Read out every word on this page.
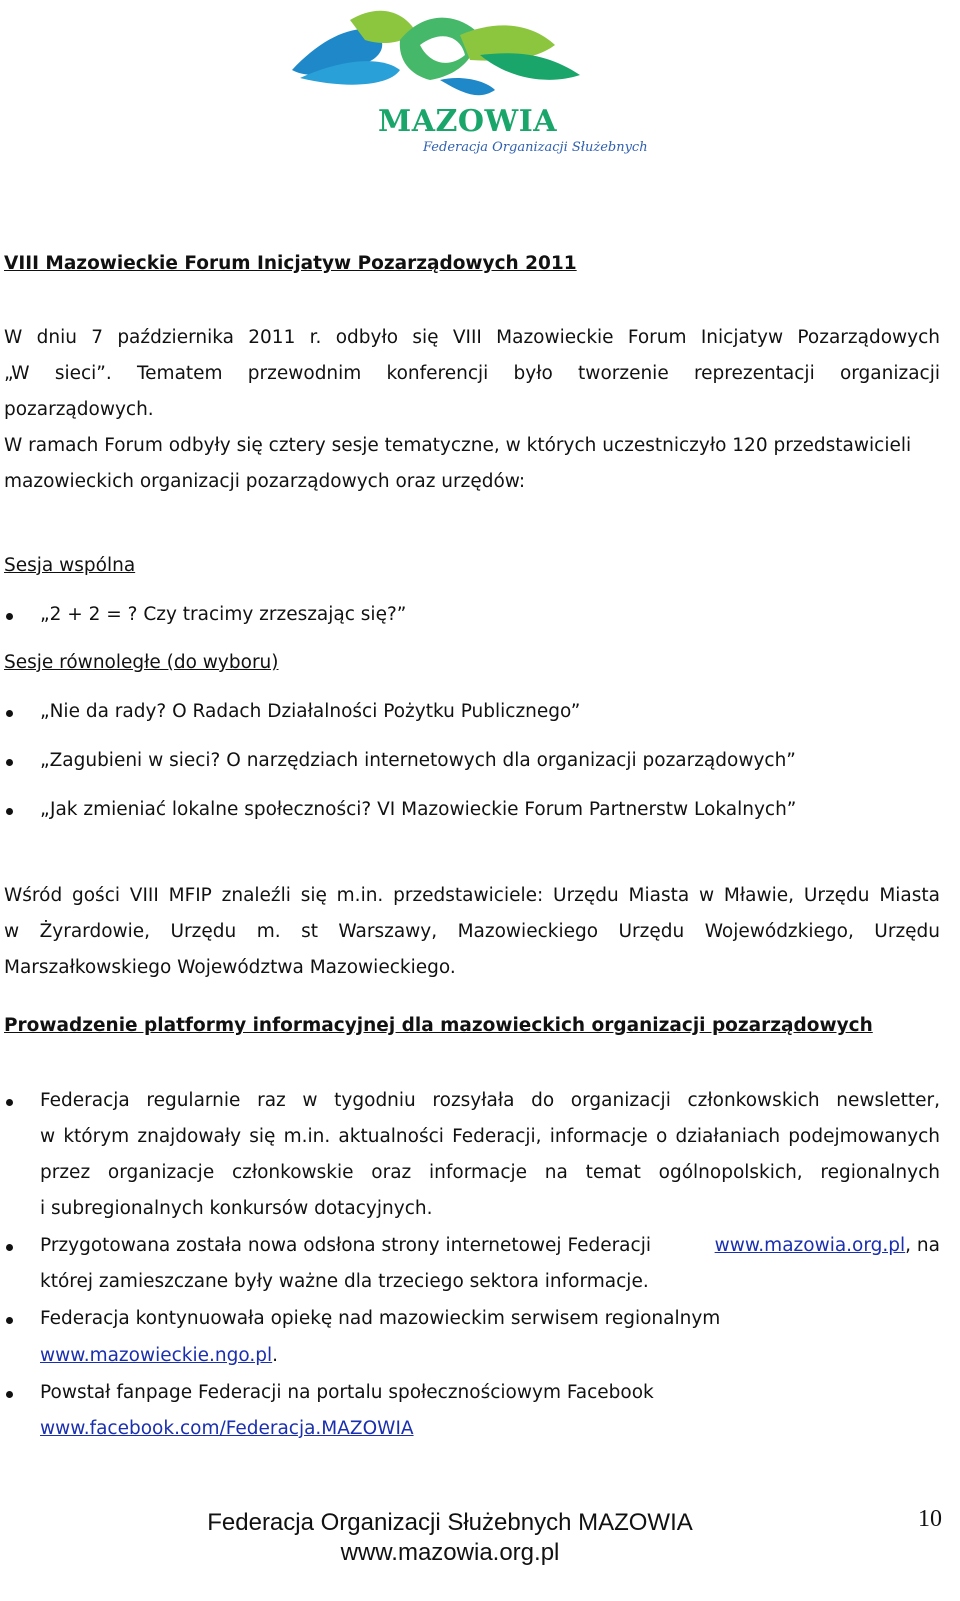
MAZOWIA
Federacja Organizacji Służebnych
VIII Mazowieckie Forum Inicjatyw Pozarządowych 2011
W dniu 7 października 2011 r. odbyło się VIII Mazowieckie Forum Inicjatyw Pozarządowych
„W sieci”. Tematem przewodnim konferencji było tworzenie reprezentacji organizacji
pozarządowych.
W ramach Forum odbyły się cztery sesje tematyczne, w których uczestniczyło 120 przedstawicieli
mazowieckich organizacji pozarządowych oraz urzędów:
Sesja wspólna
„2 + 2 = ? Czy tracimy zrzeszając się?”
Sesje równoległe (do wyboru)
„Nie da rady? O Radach Działalności Pożytku Publicznego”
„Zagubieni w sieci? O narzędziach internetowych dla organizacji pozarządowych”
„Jak zmieniać lokalne społeczności? VI Mazowieckie Forum Partnerstw Lokalnych”
Wśród gości VIII MFIP znaleźli się m.in. przedstawiciele: Urzędu Miasta w Mławie, Urzędu Miasta
w Żyrardowie, Urzędu m. st Warszawy, Mazowieckiego Urzędu Wojewódzkiego, Urzędu
Marszałkowskiego Województwa Mazowieckiego.
Prowadzenie platformy informacyjnej dla mazowieckich organizacji pozarządowych
Federacja regularnie raz w tygodniu rozsyłała do organizacji członkowskich newsletter,
w którym znajdowały się m.in. aktualności Federacji, informacje o działaniach podejmowanych
przez organizacje członkowskie oraz informacje na temat ogólnopolskich, regionalnych
i subregionalnych konkursów dotacyjnych.
Przygotowana została nowa odsłona strony internetowej Federacji	www.mazowia.org.pl, na
której zamieszczane były ważne dla trzeciego sektora informacje.
Federacja kontynuowała opiekę nad mazowieckim serwisem regionalnym
www.mazowieckie.ngo.pl.
Powstał fanpage Federacji na portalu społecznościowym Facebook
www.facebook.com/Federacja.MAZOWIA
Federacja Organizacji Służebnych MAZOWIA
www.mazowia.org.pl
10
